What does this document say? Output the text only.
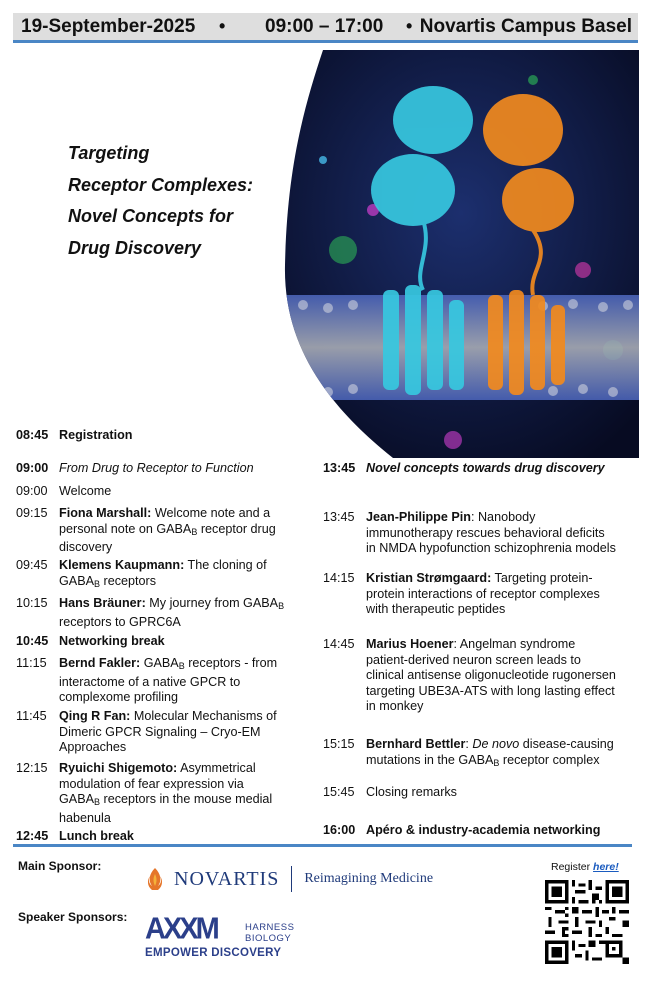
19-September-2025 • 09:00 – 17:00 • Novartis Campus Basel
Targeting
Receptor Complexes:
Novel Concepts for
Drug Discovery
08:45 Registration
09:00 From Drug to Receptor to Function
09:00 Welcome
09:15 Fiona Marshall: Welcome note and a
personal note on $GABA_B$ receptor drug
discovery
09:45 Klemens Kaupmann: The cloning of
$GABA_B$ receptors
10:15 Hans Bräuner: My journey from $GABA_B$
receptors to GPRC6A
10:45 Networking break
11:15 Bernd Fakler: $GABA_B$ receptors - from
interactome of a native GPCR to
complexome profiling
11:45 Qing R Fan: Molecular Mechanisms of
Dimeric GPCR Signaling – Cryo-EM
Approaches
12:15 Ryuichi Shigemoto: Asymmetrical
modulation of fear expression via
$GABA_B$ receptors in the mouse medial
habenula
12:45 Lunch break
13:45 Novel concepts towards drug discovery
13:45 Jean-Philippe Pin: Nanobody
immunotherapy rescues behavioral deficits
in NMDA hypofunction schizophrenia models
14:15 Kristian Strømgaard: Targeting protein-
protein interactions of receptor complexes
with therapeutic peptides
14:45 Marius Hoener: Angelman syndrome
patient-derived neuron screen leads to
clinical antisense oligonucleotide rugonersen
targeting UBE3A-ATS with long lasting effect
in monkey
15:15 Bernhard Bettler: De novo disease-causing
mutations in the $GABA_B$ receptor complex
15:45 Closing remarks
16:00 Apéro & industry-academia networking
Main Sponsor:
Speaker Sponsors:
NOVARTIS Reimagining Medicine
AXXM	HARNESS
BIOLOGY
EMPOWER DISCOVERY
Register here!
